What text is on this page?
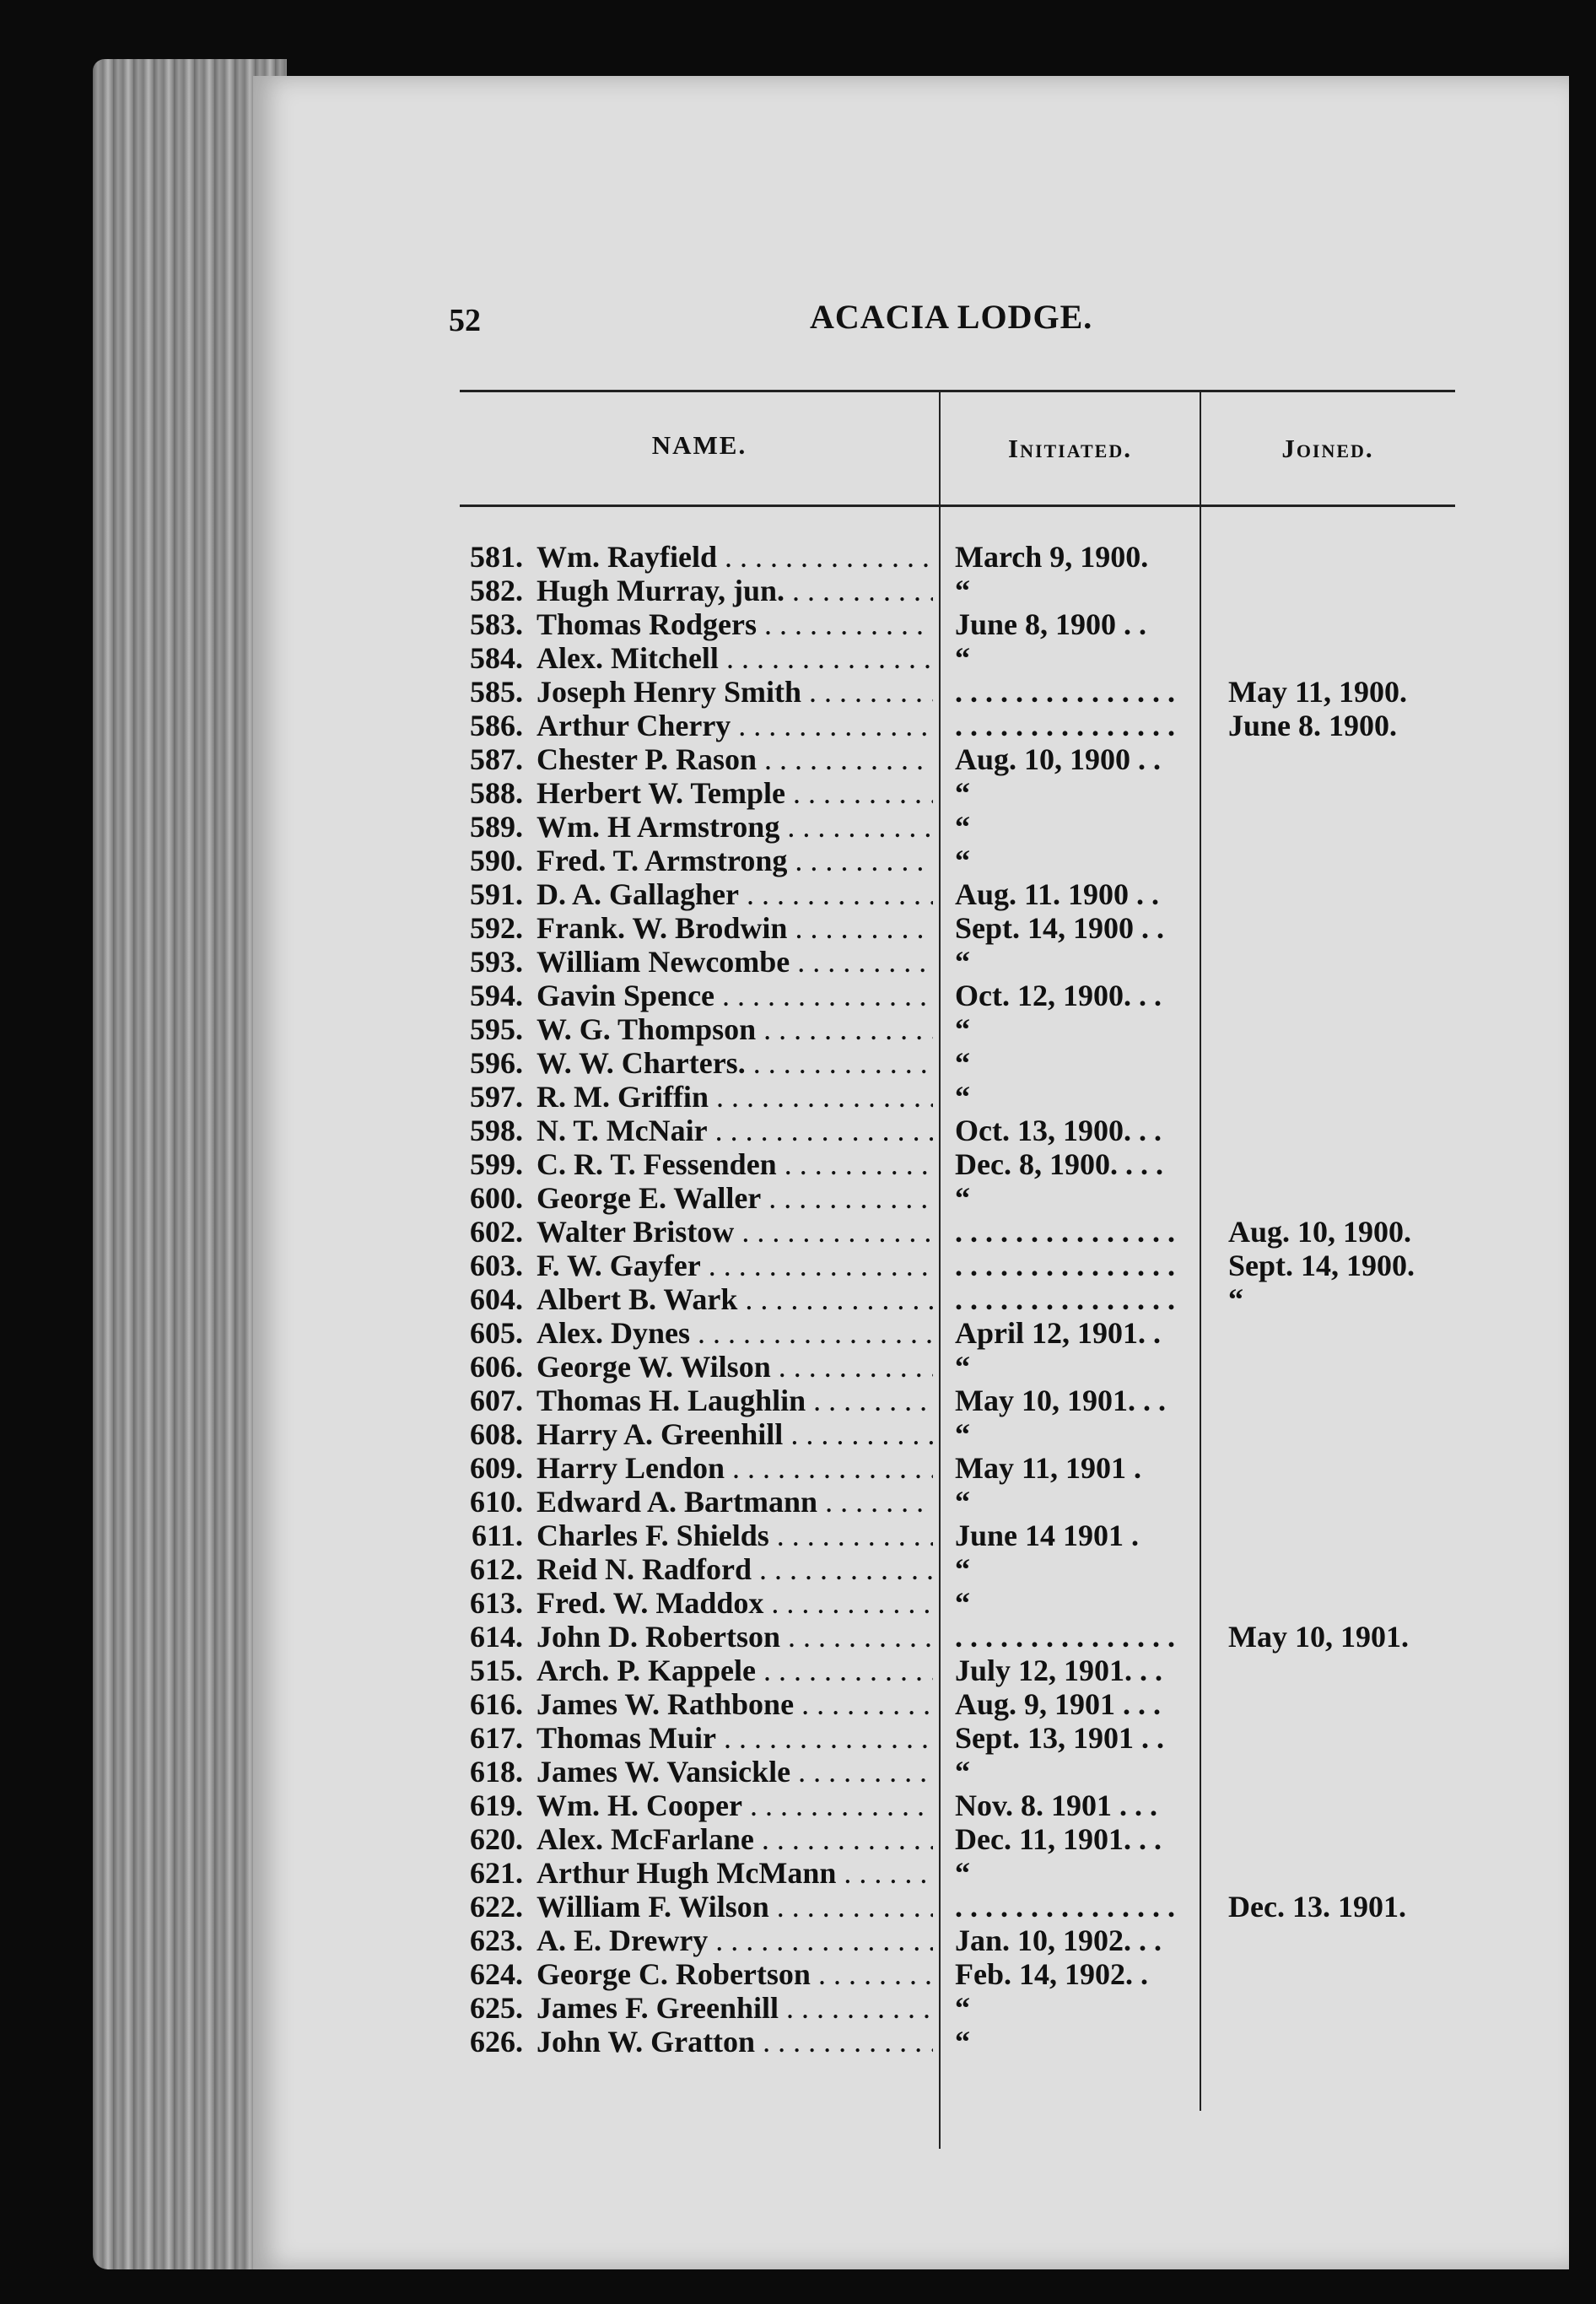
52	ACACIA LODGE.
NAME.	Initiated.	Joined.
581. Wm. Rayfield . . .	March 9, 1900.
582. Hugh Murray, jun. . . .	“
583. Thomas Rodgers . . .	June 8, 1900 . .
584. Alex. Mitchell . . .	“
585. Joseph Henry Smith . . .	. . . . . . . . . . . . . . .	May 11, 1900.
586. Arthur Cherry . . .	. . . . . . . . . . . . . . .	June 8. 1900.
587. Chester P. Rason . . .	Aug. 10, 1900 . .
588. Herbert W. Temple . . .	“
589. Wm. H Armstrong . . .	“
590. Fred. T. Armstrong . . .	“
591. D. A. Gallagher . . .	Aug. 11. 1900 . .
592. Frank. W. Brodwin . . .	Sept. 14, 1900 . .
593. William Newcombe . . .	“
594. Gavin Spence . . .	Oct. 12, 1900. . .
595. W. G. Thompson . . .	“
596. W. W. Charters. . . .	“
597. R. M. Griffin . . .	“
598. N. T. McNair . . .	Oct. 13, 1900. . .
599. C. R. T. Fessenden . . .	Dec. 8, 1900. . . .
600. George E. Waller . . .	“
602. Walter Bristow . . .	. . . . . . . . . . . . . . .	Aug. 10, 1900.
603. F. W. Gayfer . . .	. . . . . . . . . . . . . . .	Sept. 14, 1900.
604. Albert B. Wark . . .	. . . . . . . . . . . . . . .	“
605. Alex. Dynes . . .	April 12, 1901. .
606. George W. Wilson . . .	“
607. Thomas H. Laughlin . . .	May 10, 1901. . .
608. Harry A. Greenhill . . .	“
609. Harry Lendon . . .	May 11, 1901 .
610. Edward A. Bartmann . . .	“
611. Charles F. Shields . . .	June 14 1901 .
612. Reid N. Radford . . .	“
613. Fred. W. Maddox . . .	“
614. John D. Robertson . . .	. . . . . . . . . . . . . . .	May 10, 1901.
515. Arch. P. Kappele . . .	July 12, 1901. . .
616. James W. Rathbone . . .	Aug. 9, 1901 . . .
617. Thomas Muir . . .	Sept. 13, 1901 . .
618. James W. Vansickle . . .	“
619. Wm. H. Cooper . . .	Nov. 8. 1901 . . .
620. Alex. McFarlane . . .	Dec. 11, 1901. . .
621. Arthur Hugh McMann . . .	“
622. William F. Wilson . . .	. . . . . . . . . . . . . . .	Dec. 13. 1901.
623. A. E. Drewry . . .	Jan. 10, 1902. . .
624. George C. Robertson . . .	Feb. 14, 1902. .
625. James F. Greenhill . . .	“
626. John W. Gratton . . .	“
